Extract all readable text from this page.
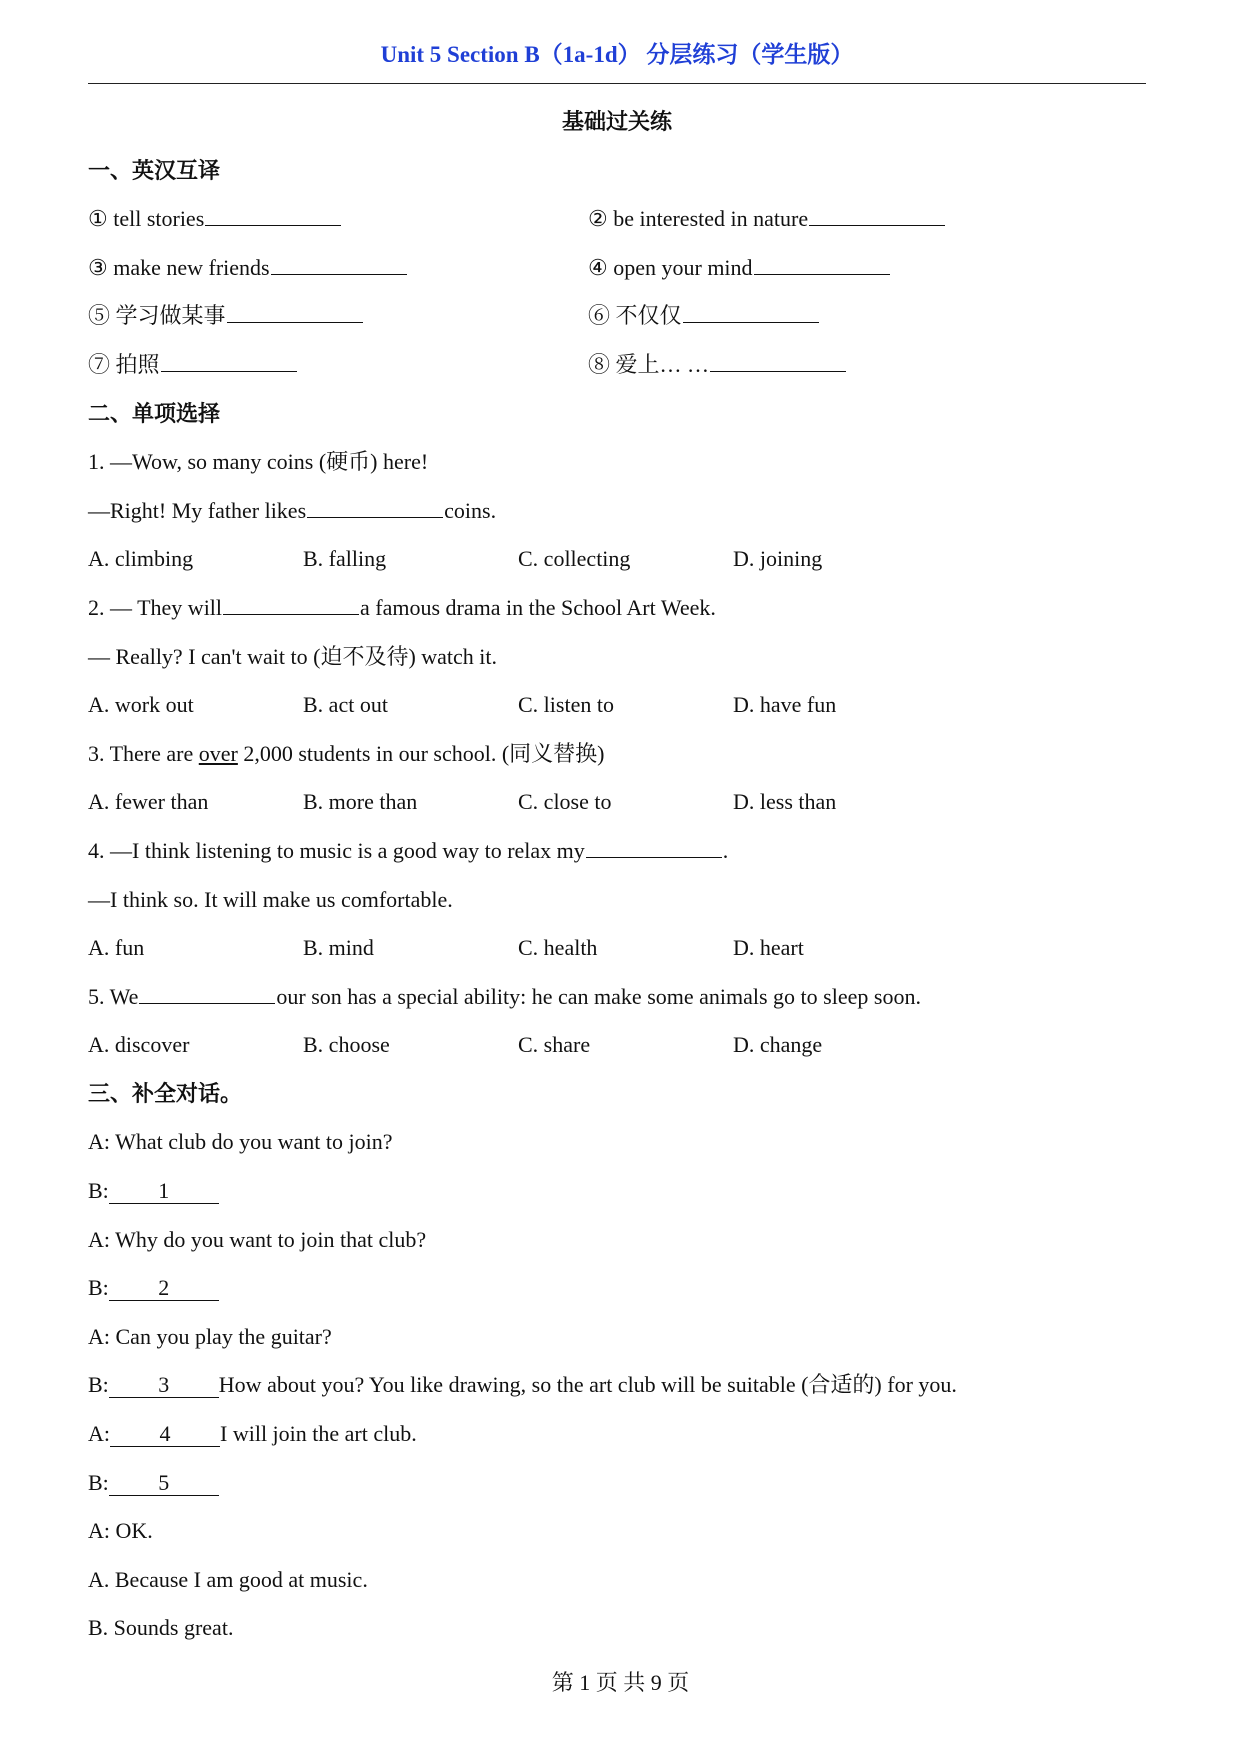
Unit 5 Section B（1a-1d） 分层练习（学生版）
基础过关练
一、英汉互译
① tell stories	② be interested in nature
③ make new friends	④ open your mind
⑤ 学习做某事	⑥ 不仅仅
⑦ 拍照	⑧ 爱上… …
二、单项选择
1. —Wow, so many coins (硬币) here!
—Right! My father likes	coins.
A. climbing	B. falling	C. collecting	D. joining
2. — They will	a famous drama in the School Art Week.
— Really? I can't wait to (迫不及待) watch it.
A. work out	B. act out	C. listen to	D. have fun
3. There are over 2,000 students in our school. (同义替换)
A. fewer than	B. more than	C. close to	D. less than
4. —I think listening to music is a good way to relax my	.
—I think so. It will make us comfortable.
A. fun	B. mind	C. health	D. heart
5. We	our son has a special ability: he can make some animals go to sleep soon.
A. discover	B. choose	C. share	D. change
三、补全对话。
A: What club do you want to join?
B: 1
A: Why do you want to join that club?
B: 2
A: Can you play the guitar?
B: 3 How about you? You like drawing, so the art club will be suitable (合适的) for you.
A: 4 I will join the art club.
B: 5
A: OK.
A. Because I am good at music.
B. Sounds great.
第 1 页 共 9 页
